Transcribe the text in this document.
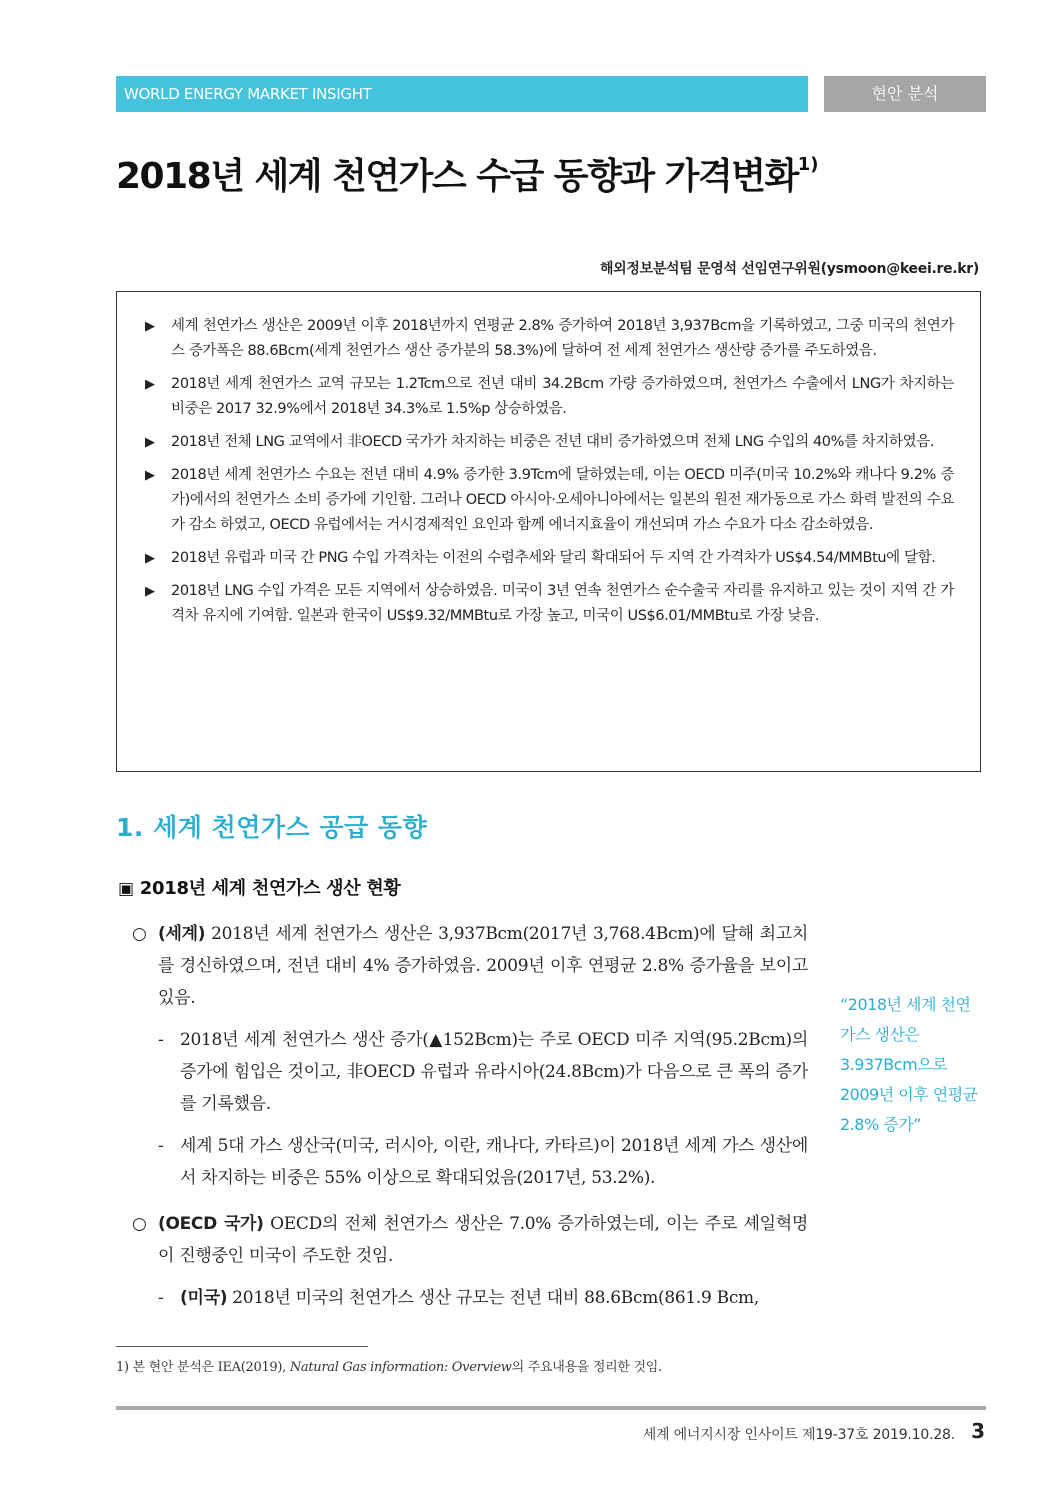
WORLD ENERGY MARKET INSIGHT	현안 분석
2018년 세계 천연가스 수급 동향과 가격변화$^{1)}$
해외정보분석팀 문영석 선임연구위원(ysmoon@keei.re.kr)
▶ 세계 천연가스 생산은 2009년 이후 2018년까지 연평균 2.8% 증가하여 2018년 3,937Bcm을 기록하였고, 그중 미국의 천연가스 증가폭은 88.6Bcm(세계 천연가스 생산 증가분의 58.3%)에 달하여 전 세계 천연가스 생산량 증가를 주도하였음.
▶ 2018년 세계 천연가스 교역 규모는 1.2Tcm으로 전년 대비 34.2Bcm 가량 증가하였으며, 천연가스 수출에서 LNG가 차지하는 비중은 2017 32.9%에서 2018년 34.3%로 1.5%p 상승하였음.
▶ 2018년 전체 LNG 교역에서 非OECD 국가가 차지하는 비중은 전년 대비 증가하였으며 전체 LNG 수입의 40%를 차지하였음.
▶ 2018년 세계 천연가스 수요는 전년 대비 4.9% 증가한 3.9Tcm에 달하였는데, 이는 OECD 미주(미국 10.2%와 캐나다 9.2% 증가)에서의 천연가스 소비 증가에 기인함. 그러나 OECD 아시아·오세아니아에서는 일본의 원전 재가동으로 가스 화력 발전의 수요가 감소 하였고, OECD 유럽에서는 거시경제적인 요인과 함께 에너지효율이 개선되며 가스 수요가 다소 감소하였음.
▶ 2018년 유럽과 미국 간 PNG 수입 가격차는 이전의 수렴추세와 달리 확대되어 두 지역 간 가격차가 US$4.54/MMBtu에 달함.
▶ 2018년 LNG 수입 가격은 모든 지역에서 상승하였음. 미국이 3년 연속 천연가스 순수출국 자리를 유지하고 있는 것이 지역 간 가격차 유지에 기여함. 일본과 한국이 US$9.32/MMBtu로 가장 높고, 미국이 US$6.01/MMBtu로 가장 낮음.
1. 세계 천연가스 공급 동향
▣ 2018년 세계 천연가스 생산 현황

○ (세계) 2018년 세계 천연가스 생산은 3,937Bcm(2017년 3,768.4Bcm)에 달해 최고치를 경신하였으며, 전년 대비 4% 증가하였음. 2009년 이후 연평균 2.8% 증가율을 보이고 있음.

- 2018년 세계 천연가스 생산 증가(▲152Bcm)는 주로 OECD 미주 지역(95.2Bcm)의 증가에 힘입은 것이고, 非OECD 유럽과 유라시아(24.8Bcm)가 다음으로 큰 폭의 증가를 기록했음.

- 세계 5대 가스 생산국(미국, 러시아, 이란, 캐나다, 카타르)이 2018년 세계 가스 생산에서 차지하는 비중은 55% 이상으로 확대되었음(2017년, 53.2%).

○ (OECD 국가) OECD의 전체 천연가스 생산은 7.0% 증가하였는데, 이는 주로 셰일혁명이 진행중인 미국이 주도한 것임.

- (미국) 2018년 미국의 천연가스 생산 규모는 전년 대비 88.6Bcm(861.9 Bcm,

“2018년 세계 천연가스 생산은 3.937Bcm으로 2009년 이후 연평균 2.8% 증가”
1) 본 현안 분석은 IEA(2019), Natural Gas information: Overview의 주요내용을 정리한 것임.
세계 에너지시장 인사이트 제19-37호 2019.10.28. 3
